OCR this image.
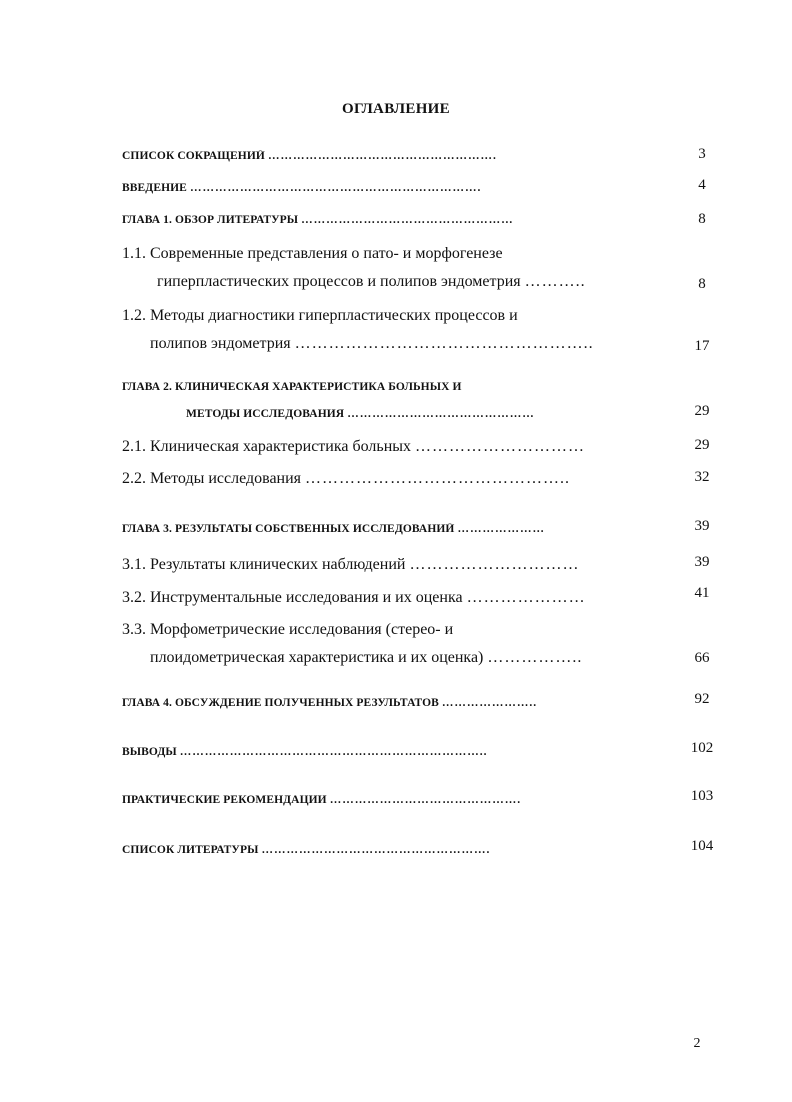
ОГЛАВЛЕНИЕ
СПИСОК СОКРАЩЕНИЙ ……………………………………………….	3
ВВЕДЕНИЕ …………………………………………………………….	4
ГЛАВА 1. ОБЗОР ЛИТЕРАТУРЫ ……………………………………………	8
1.1. Современные представления о пато- и морфогенезе
гиперпластических процессов и полипов эндометрия ………..	8
1.2. Методы диагностики гиперпластических процессов и
полипов эндометрия ……………………………………………..	17
ГЛАВА 2. КЛИНИЧЕСКАЯ ХАРАКТЕРИСТИКА БОЛЬНЫХ И
МЕТОДЫ ИССЛЕДОВАНИЯ ………………………………………	29
2.1. Клиническая характеристика больных …………………………	29
2.2. Методы исследования ………………………………………..	32
ГЛАВА 3. РЕЗУЛЬТАТЫ СОБСТВЕННЫХ ИССЛЕДОВАНИЙ …………………	39
3.1. Результаты клинических наблюдений …………………………	39
3.2. Инструментальные исследования и их оценка …………………	41
3.3. Морфометрические исследования (стерео- и
плоидометрическая характеристика и их оценка) ……………..	66
ГЛАВА 4. ОБСУЖДЕНИЕ ПОЛУЧЕННЫХ РЕЗУЛЬТАТОВ …………………..	92
ВЫВОДЫ ………………………………………………………………..	102
ПРАКТИЧЕСКИЕ РЕКОМЕНДАЦИИ ……………………………………….	103
СПИСОК ЛИТЕРАТУРЫ ……………………………………………….	104
2
